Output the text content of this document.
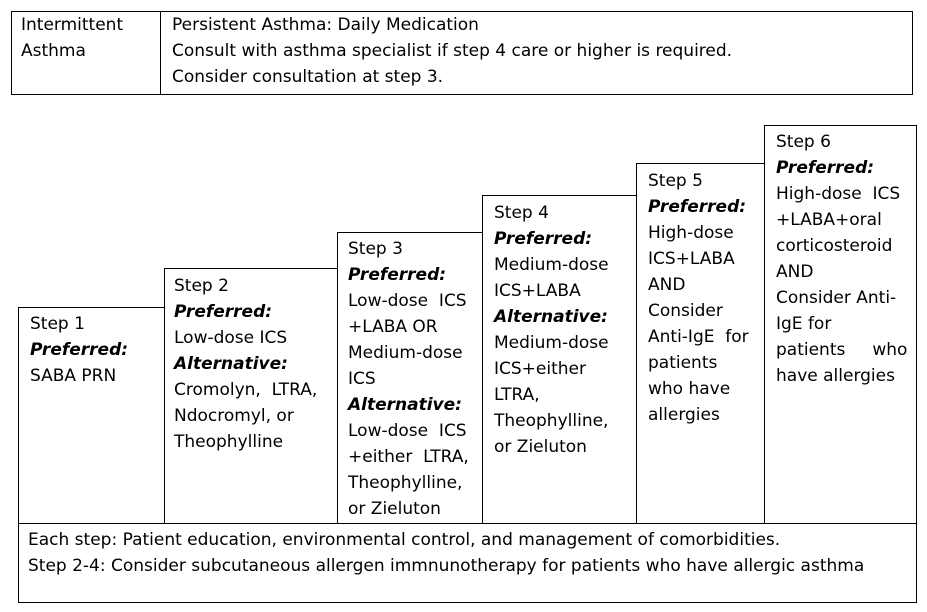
Intermittent
Asthma
Persistent Asthma: Daily Medication
Consult with asthma specialist if step 4 care or higher is required.
Consider consultation at step 3.
Step 1
Preferred:
SABA PRN
Step 2
Preferred:
Low-dose ICS
Alternative:
Cromolyn,  LTRA,
Ndocromyl, or
Theophylline
Step 3
Preferred:
Low-dose  ICS
+LABA OR
Medium-dose
ICS
Alternative:
Low-dose  ICS
+either  LTRA,
Theophylline,
or Zieluton
Step 4
Preferred:
Medium-dose
ICS+LABA
Alternative:
Medium-dose
ICS+either
LTRA,
Theophylline,
or Zieluton
Step 5
Preferred:
High-dose
ICS+LABA
AND
Consider
Anti-IgE  for
patients
who have
allergies
Step 6
Preferred:
High-dose  ICS
+LABA+oral
corticosteroid
AND
Consider Anti-
IgE for
patients     who
have allergies
Each step: Patient education, environmental control, and management of comorbidities.
Step 2-4: Consider subcutaneous allergen immnunotherapy for patients who have allergic asthma
